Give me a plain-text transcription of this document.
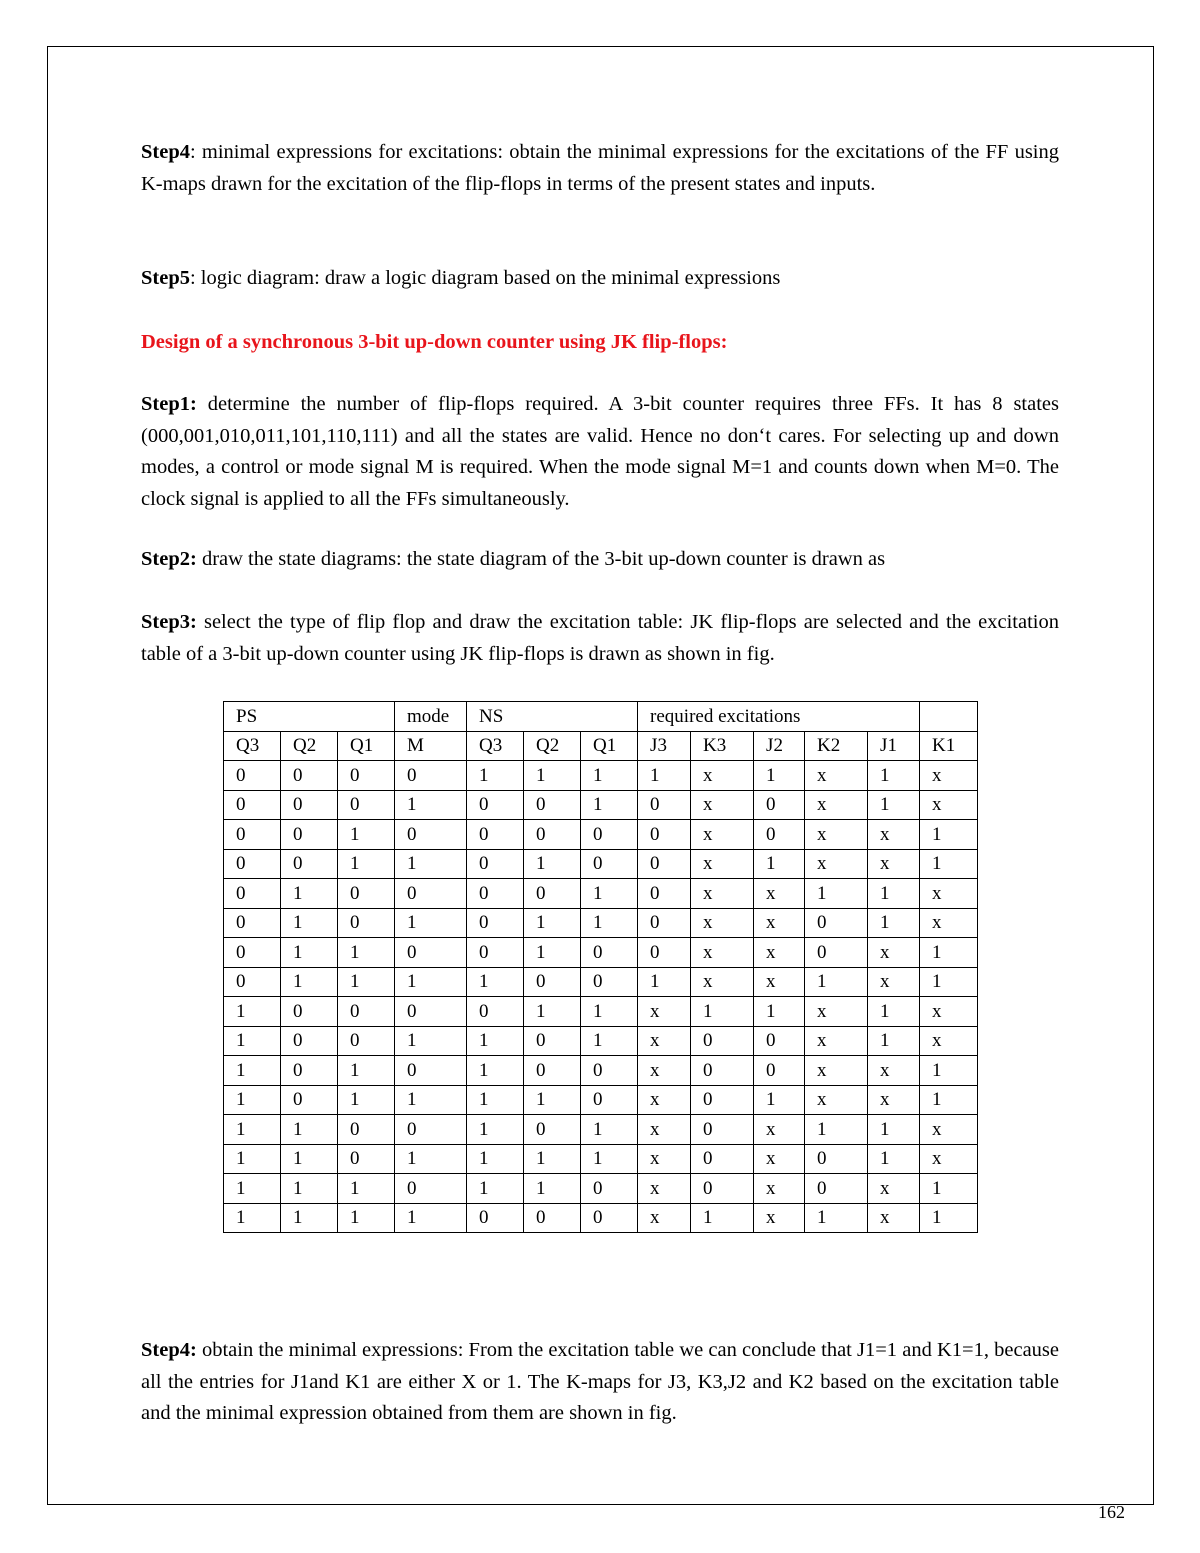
Step4: minimal expressions for excitations: obtain the minimal expressions for the excitations of the FF using K-maps drawn for the excitation of the flip-flops in terms of the present states and inputs.

Step5: logic diagram: draw a logic diagram based on the minimal expressions

Design of a synchronous 3-bit up-down counter using JK flip-flops:

Step1: determine the number of flip-flops required. A 3-bit counter requires three FFs. It has 8 states (000,001,010,011,101,110,111) and all the states are valid. Hence no don‘t cares. For selecting up and down modes, a control or mode signal M is required. When the mode signal M=1 and counts down when M=0. The clock signal is applied to all the FFs simultaneously.

Step2: draw the state diagrams: the state diagram of the 3-bit up-down counter is drawn as

Step3: select the type of flip flop and draw the excitation table: JK flip-flops are selected and the excitation table of a 3-bit up-down counter using JK flip-flops is drawn as shown in fig.

PS			mode	NS			required excitations					
Q3	Q2	Q1	M	Q3	Q2	Q1	J3	K3	J2	K2	J1	K1
0	0	0	0	1	1	1	1	x	1	x	1	x
0	0	0	1	0	0	1	0	x	0	x	1	x
0	0	1	0	0	0	0	0	x	0	x	x	1
0	0	1	1	0	1	0	0	x	1	x	x	1
0	1	0	0	0	0	1	0	x	x	1	1	x
0	1	0	1	0	1	1	0	x	x	0	1	x
0	1	1	0	0	1	0	0	x	x	0	x	1
0	1	1	1	1	0	0	1	x	x	1	x	1
1	0	0	0	0	1	1	x	1	1	x	1	x
1	0	0	1	1	0	1	x	0	0	x	1	x
1	0	1	0	1	0	0	x	0	0	x	x	1
1	0	1	1	1	1	0	x	0	1	x	x	1
1	1	0	0	1	0	1	x	0	x	1	1	x
1	1	0	1	1	1	1	x	0	x	0	1	x
1	1	1	0	1	1	0	x	0	x	0	x	1
1	1	1	1	0	0	0	x	1	x	1	x	1

Step4: obtain the minimal expressions: From the excitation table we can conclude that J1=1 and K1=1, because all the entries for J1and K1 are either X or 1. The K-maps for J3, K3,J2 and K2 based on the excitation table and the minimal expression obtained from them are shown in fig.

162
